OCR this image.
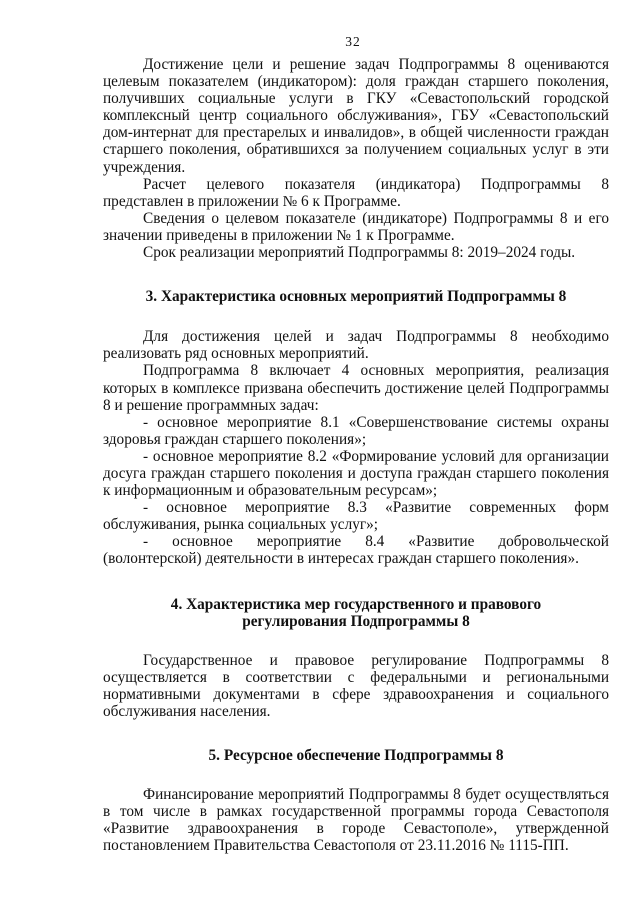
32

Достижение цели и решение задач Подпрограммы 8 оцениваются целевым показателем (индикатором): доля граждан старшего поколения, получивших социальные услуги в ГКУ «Севастопольский городской комплексный центр социального обслуживания», ГБУ «Севастопольский дом-интернат для престарелых и инвалидов», в общей численности граждан старшего поколения, обратившихся за получением социальных услуг в эти учреждения.

Расчет целевого показателя (индикатора) Подпрограммы 8 представлен в приложении № 6 к Программе.

Сведения о целевом показателе (индикаторе) Подпрограммы 8 и его значении приведены в приложении № 1 к Программе.

Срок реализации мероприятий Подпрограммы 8: 2019–2024 годы.

3. Характеристика основных мероприятий Подпрограммы 8

Для достижения целей и задач Подпрограммы 8 необходимо реализовать ряд основных мероприятий.

Подпрограмма 8 включает 4 основных мероприятия, реализация которых в комплексе призвана обеспечить достижение целей Подпрограммы 8 и решение программных задач:

- основное мероприятие 8.1 «Совершенствование системы охраны здоровья граждан старшего поколения»;

- основное мероприятие 8.2 «Формирование условий для организации досуга граждан старшего поколения и доступа граждан старшего поколения к информационным и образовательным ресурсам»;

- основное мероприятие 8.3 «Развитие современных форм обслуживания, рынка социальных услуг»;

- основное мероприятие 8.4 «Развитие добровольческой (волонтерской) деятельности в интересах граждан старшего поколения».

4. Характеристика мер государственного и правового
регулирования Подпрограммы 8

Государственное и правовое регулирование Подпрограммы 8 осуществляется в соответствии с федеральными и региональными нормативными документами в сфере здравоохранения и социального обслуживания населения.

5. Ресурсное обеспечение Подпрограммы 8

Финансирование мероприятий Подпрограммы 8 будет осуществляться в том числе в рамках государственной программы города Севастополя «Развитие здравоохранения в городе Севастополе», утвержденной постановлением Правительства Севастополя от 23.11.2016 № 1115-ПП.
